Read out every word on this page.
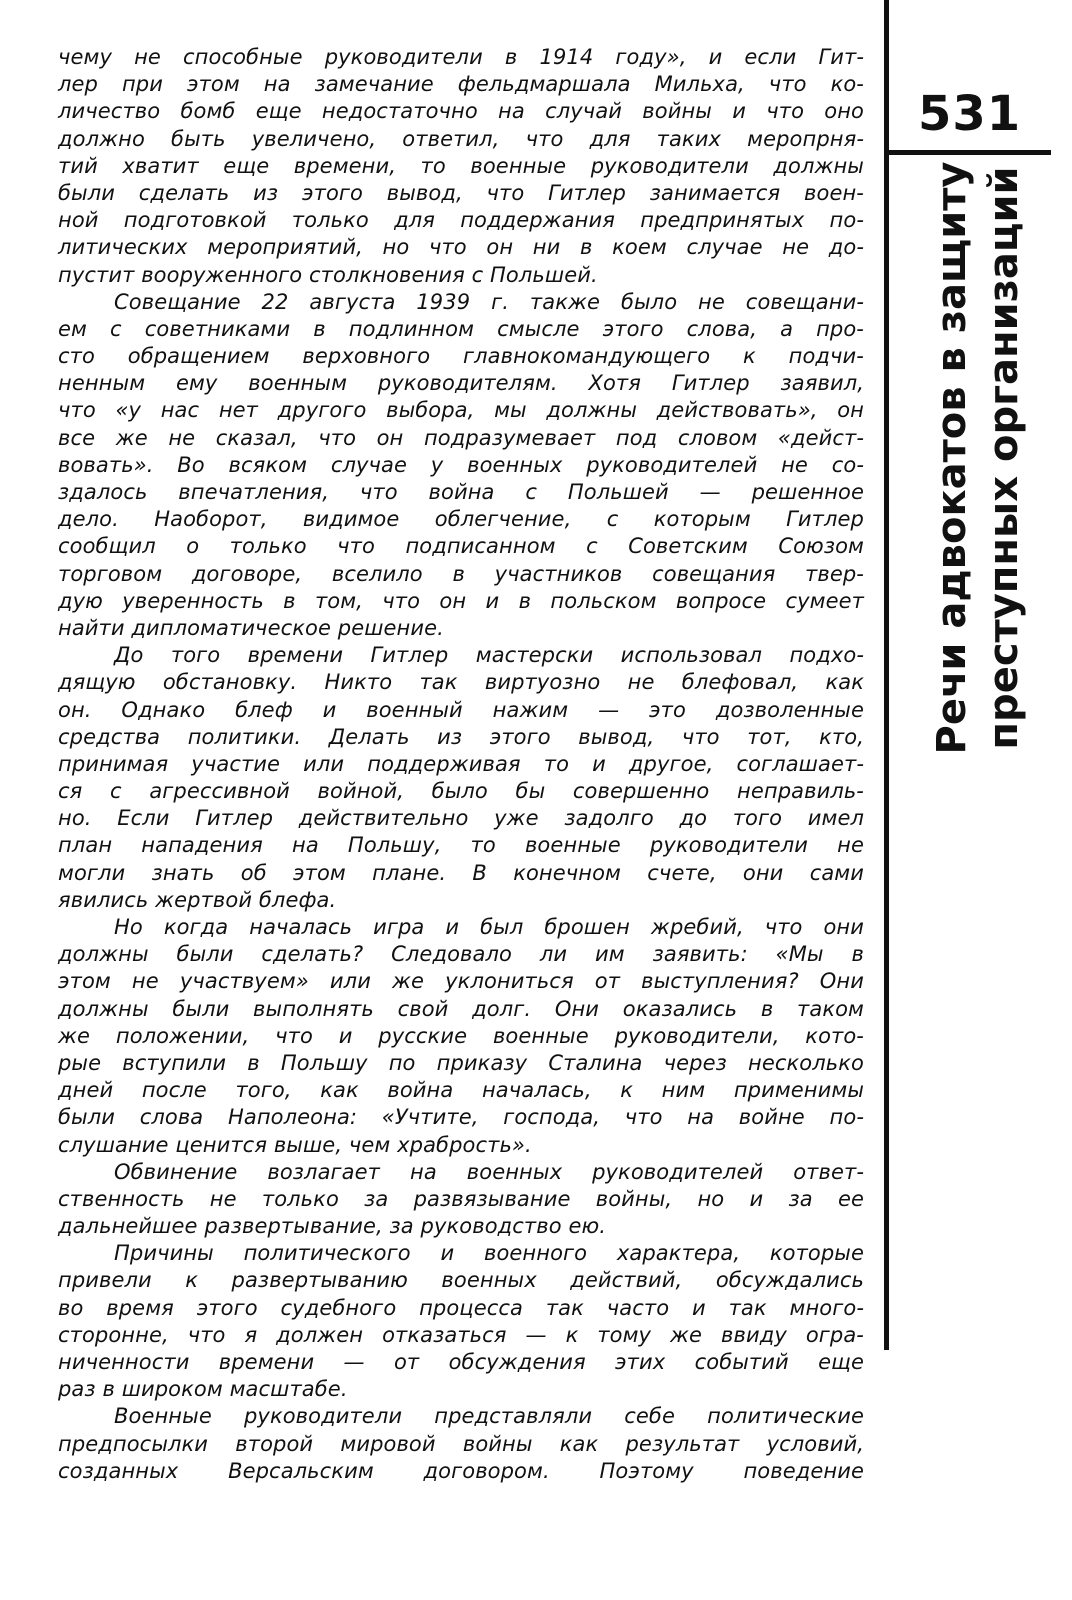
531
Речи адвокатов в защиту преступных организаций
чему не способные руководители в 1914 году», и если Гит-
лер при этом на замечание фельдмаршала Мильха, что ко-
личество бомб еще недостаточно на случай войны и что оно
должно быть увеличено, ответил, что для таких меропрня-
тий хватит еще времени, то военные руководители должны
были сделать из этого вывод, что Гитлер занимается воен-
ной подготовкой только для поддержания предпринятых по-
литических мероприятий, но что он ни в коем случае не до-
пустит вооруженного столкновения с Польшей.
Совещание 22 августа 1939 г. также было не совещани-
ем с советниками в подлинном смысле этого слова, а про-
сто обращением верховного главнокомандующего к подчи-
ненным ему военным руководителям. Хотя Гитлер заявил,
что «у нас нет другого выбора, мы должны действовать», он
все же не сказал, что он подразумевает под словом «дейст-
вовать». Во всяком случае у военных руководителей не со-
здалось впечатления, что война с Польшей — решенное
дело. Наоборот, видимое облегчение, с которым Гитлер
сообщил о только что подписанном с Советским Союзом
торговом договоре, вселило в участников совещания твер-
дую уверенность в том, что он и в польском вопросе сумеет
найти дипломатическое решение.
До того времени Гитлер мастерски использовал подхо-
дящую обстановку. Никто так виртуозно не блефовал, как
он. Однако блеф и военный нажим — это дозволенные
средства политики. Делать из этого вывод, что тот, кто,
принимая участие или поддерживая то и другое, соглашает-
ся с агрессивной войной, было бы совершенно неправиль-
но. Если Гитлер действительно уже задолго до того имел
план нападения на Польшу, то военные руководители не
могли знать об этом плане. В конечном счете, они сами
явились жертвой блефа.
Но когда началась игра и был брошен жребий, что они
должны были сделать? Следовало ли им заявить: «Мы в
этом не участвуем» или же уклониться от выступления? Они
должны были выполнять свой долг. Они оказались в таком
же положении, что и русские военные руководители, кото-
рые вступили в Польшу по приказу Сталина через несколько
дней после того, как война началась, к ним применимы
были слова Наполеона: «Учтите, господа, что на войне по-
слушание ценится выше, чем храбрость».
Обвинение возлагает на военных руководителей ответ-
ственность не только за развязывание войны, но и за ее
дальнейшее развертывание, за руководство ею.
Причины политического и военного характера, которые
привели к развертыванию военных действий, обсуждались
во время этого судебного процесса так часто и так много-
сторонне, что я должен отказаться — к тому же ввиду огра-
ниченности времени — от обсуждения этих событий еще
раз в широком масштабе.
Военные руководители представляли себе политические
предпосылки второй мировой войны как результат условий,
созданных Версальским договором. Поэтому поведение
